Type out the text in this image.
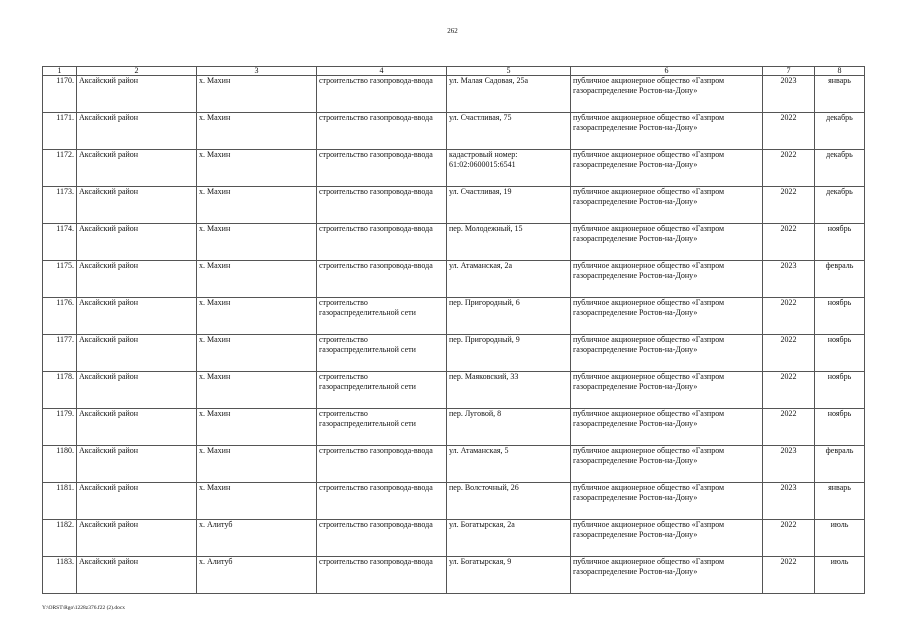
262
1	2	3	4	5	6	7	8
1170.	Аксайский район	х. Махин	строительство газопровода-ввода	ул. Малая Садовая, 25а	публичное акционерное общество «Газпром газораспределение Ростов-на-Дону»	2023	январь
1171.	Аксайский район	х. Махин	строительство газопровода-ввода	ул. Счастливая, 75	публичное акционерное общество «Газпром газораспределение Ростов-на-Дону»	2022	декабрь
1172.	Аксайский район	х. Махин	строительство газопровода-ввода	кадастровый номер: 61:02:0600015:6541	публичное акционерное общество «Газпром газораспределение Ростов-на-Дону»	2022	декабрь
1173.	Аксайский район	х. Махин	строительство газопровода-ввода	ул. Счастливая, 19	публичное акционерное общество «Газпром газораспределение Ростов-на-Дону»	2022	декабрь
1174.	Аксайский район	х. Махин	строительство газопровода-ввода	пер. Молодежный, 15	публичное акционерное общество «Газпром газораспределение Ростов-на-Дону»	2022	ноябрь
1175.	Аксайский район	х. Махин	строительство газопровода-ввода	ул. Атаманская, 2а	публичное акционерное общество «Газпром газораспределение Ростов-на-Дону»	2023	февраль
1176.	Аксайский район	х. Махин	строительство газораспределительной сети	пер. Пригородный, 6	публичное акционерное общество «Газпром газораспределение Ростов-на-Дону»	2022	ноябрь
1177.	Аксайский район	х. Махин	строительство газораспределительной сети	пер. Пригородный, 9	публичное акционерное общество «Газпром газораспределение Ростов-на-Дону»	2022	ноябрь
1178.	Аксайский район	х. Махин	строительство газораспределительной сети	пер. Маяковский, 33	публичное акционерное общество «Газпром газораспределение Ростов-на-Дону»	2022	ноябрь
1179.	Аксайский район	х. Махин	строительство газораспределительной сети	пер. Луговой, 8	публичное акционерное общество «Газпром газораспределение Ростов-на-Дону»	2022	ноябрь
1180.	Аксайский район	х. Махин	строительство газопровода-ввода	ул. Атаманская, 5	публичное акционерное общество «Газпром газораспределение Ростов-на-Дону»	2023	февраль
1181.	Аксайский район	х. Махин	строительство газопровода-ввода	пер. Волсточный, 26	публичное акционерное общество «Газпром газораспределение Ростов-на-Дону»	2023	январь
1182.	Аксайский район	х. Алитуб	строительство газопровода-ввода	ул. Богатырская, 2а	публичное акционерное общество «Газпром газораспределение Ростов-на-Дону»	2022	июль
1183.	Аксайский район	х. Алитуб	строительство газопровода-ввода	ул. Богатырская, 9	публичное акционерное общество «Газпром газораспределение Ростов-на-Дону»	2022	июль
Y:\ORST\Rgo\1228z376.f22 (2).docx
